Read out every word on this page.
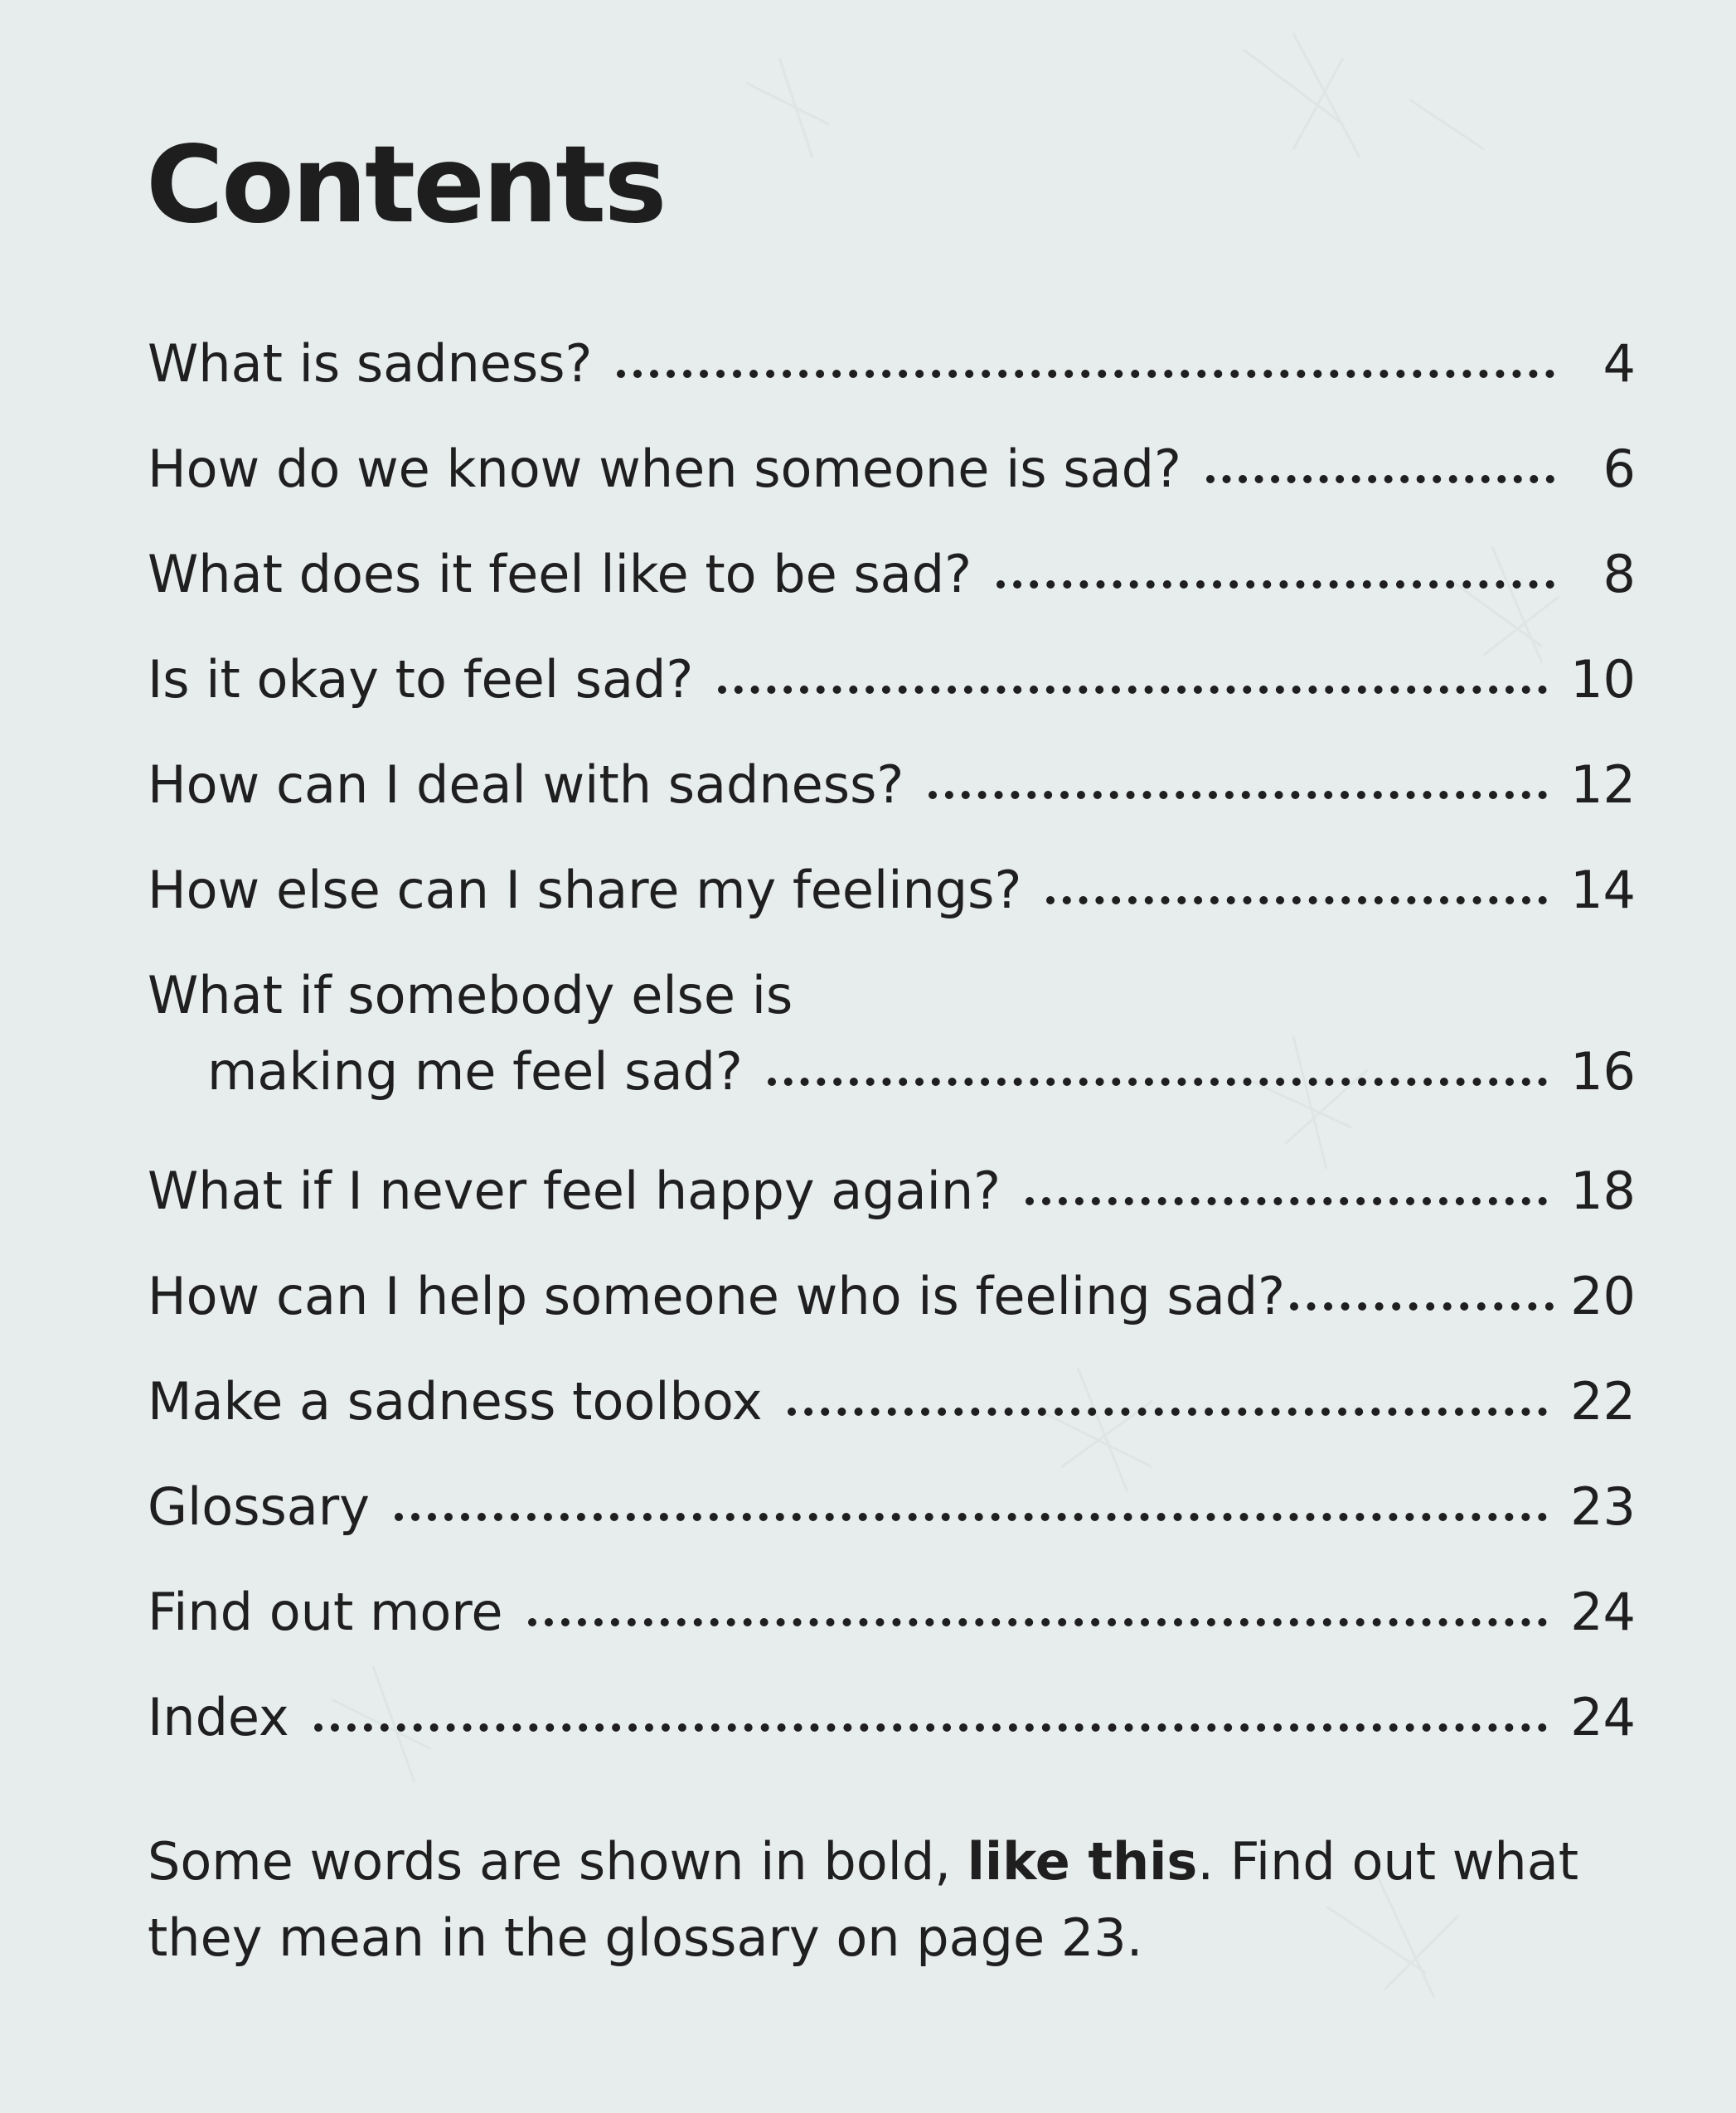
Contents
What is sadness?	4
How do we know when someone is sad?	6
What does it feel like to be sad?	8
Is it okay to feel sad?	10
How can I deal with sadness?	12
How else can I share my feelings?	14
What if somebody else is
making me feel sad?	16
What if I never feel happy again?	18
How can I help someone who is feeling sad?	20
Make a sadness toolbox	22
Glossary	23
Find out more	24
Index	24

Some words are shown in bold, like this. Find out what they mean in the glossary on page 23.
